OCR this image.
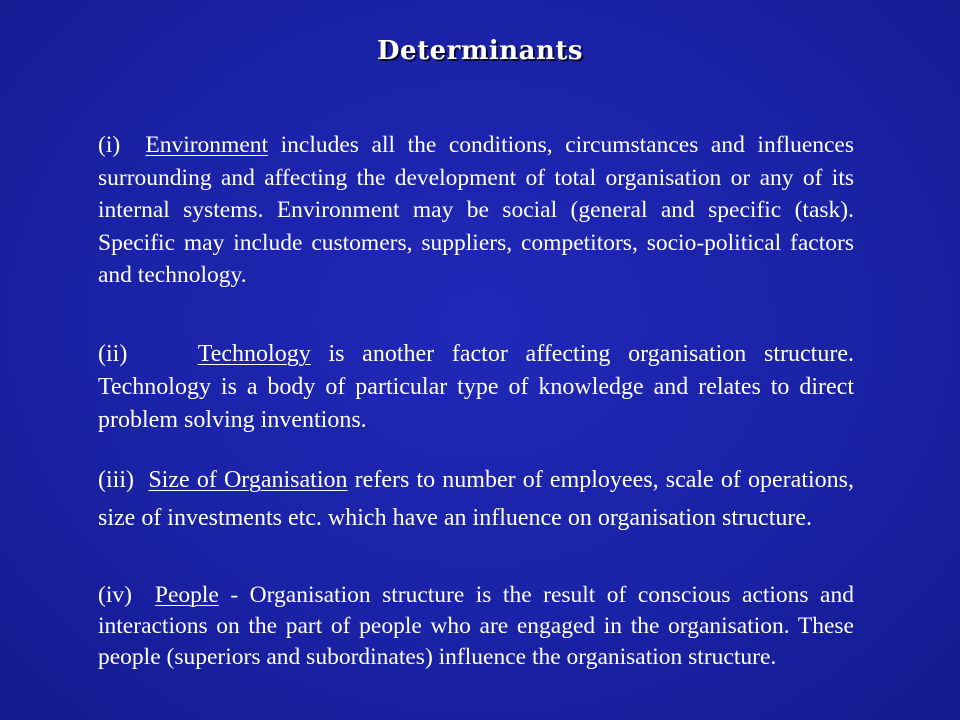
Determinants

(i)  Environment includes all the conditions, circumstances and influences surrounding and affecting the development of total organisation or any of its internal systems. Environment may be social (general and specific (task). Specific may include customers, suppliers, competitors, socio-political factors and technology.

(ii)    Technology is another factor affecting organisation structure. Technology is a body of particular type of knowledge and relates to direct problem solving inventions.

(iii)  Size of Organisation refers to number of employees, scale of operations, size of investments etc. which have an influence on organisation structure.

(iv)  People - Organisation structure is the result of conscious actions and interactions on the part of people who are engaged in the organisation. These people (superiors and subordinates) influence the organisation structure.
